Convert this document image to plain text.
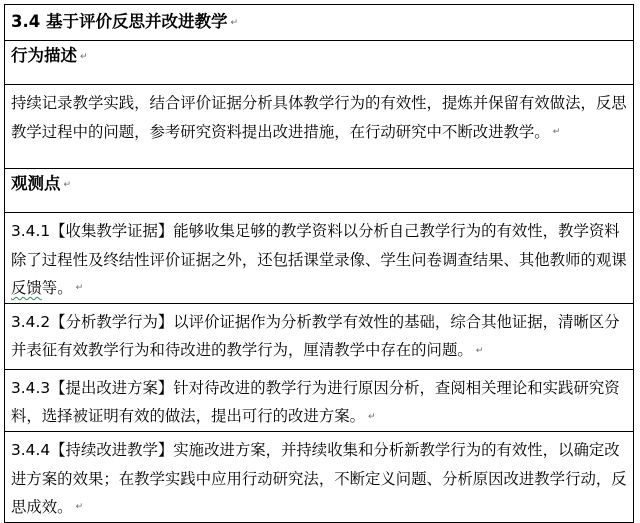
3.4 基于评价反思并改进教学 ↵
行为描述 ↵
持续记录教学实践，结合评价证据分析具体教学行为的有效性，提炼并保留有效做法，反思教学过程中的问题，参考研究资料提出改进措施，在行动研究中不断改进教学。 ↵
观测点 ↵
3.4.1【收集教学证据】能够收集足够的教学资料以分析自己教学行为的有效性，教学资料除了过程性及终结性评价证据之外，还包括课堂录像、学生问卷调查结果、其他教师的观课反馈等。 ↵
3.4.2【分析教学行为】以评价证据作为分析教学有效性的基础，综合其他证据，清晰区分并表征有效教学行为和待改进的教学行为，厘清教学中存在的问题。 ↵
3.4.3【提出改进方案】针对待改进的教学行为进行原因分析，查阅相关理论和实践研究资料，选择被证明有效的做法，提出可行的改进方案。 ↵
3.4.4【持续改进教学】实施改进方案，并持续收集和分析新教学行为的有效性，以确定改进方案的效果；在教学实践中应用行动研究法，不断定义问题、分析原因改进教学行动，反思成效。 ↵
